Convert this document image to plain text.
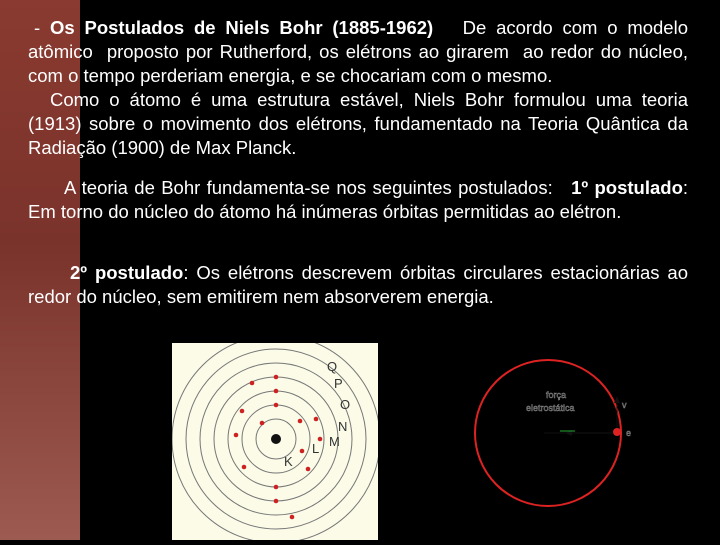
- Os Postulados de Niels Bohr (1885-1962)   De acordo com o modelo atômico  proposto por Rutherford, os elétrons ao girarem  ao redor do núcleo, com o tempo perderiam energia, e se chocariam com o mesmo.

Como o átomo é uma estrutura estável, Niels Bohr formulou uma teoria (1913) sobre o movimento dos elétrons, fundamentado na Teoria Quântica da Radiação (1900) de Max Planck.

A teoria de Bohr fundamenta-se nos seguintes postulados: 1º postulado: Em torno do núcleo do átomo há inúmeras órbitas permitidas ao elétron.

2º postulado: Os elétrons descrevem órbitas circulares estacionárias ao redor do núcleo, sem emitirem nem absorverem energia.

K
L M
N
O
P
Q
força
eletrostática	v
e
